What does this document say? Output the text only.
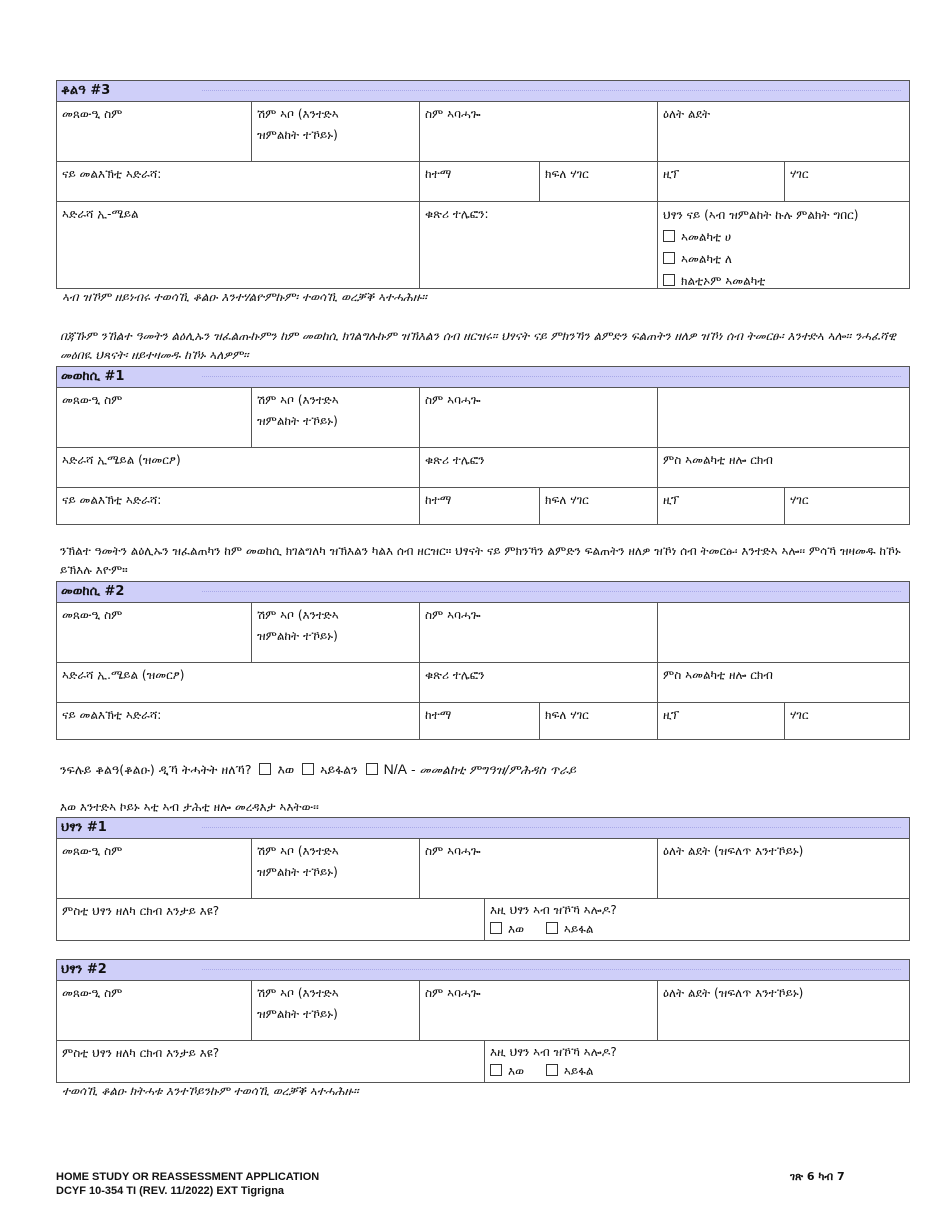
ቆልዓ #3
መጸውዒ ስም	ሽም ኣቦ (እንተድኣ
ዝምልከት ተኾይኑ)
ስም ኣባሓጐ	ዕለት ልደት
ናይ መልእኽቲ ኣድራሻ:	ከተማ	ክፍለ ሃገር	ዚፕ	ሃገር
ኣድራሻ ኢ-ሜይል	ቁጽሪ ተሌፎን:	ህፃን ናይ (ኣብ ዝምልከት ኩሉ ምልክት ግበር)
ኣመልካቲ ሀ
ኣመልካቲ ለ
ክልቲኦም ኣመልካቲ
ኣብ ዝኾም ዘይነብሩ ተወሳኺ ቆልዑ እንተሃልዮምኩም፡ ተወሳኺ ወረቓቕ ኣተሓሕዙ።
በጃኹም ንኸልተ ዓመትን ልዕሊኡን ዝፈልጡኩምን ከም መወከሲ ክገልግሉኩም ዝኽእልን ሰብ ዘርዝሩ። ህፃናት ናይ ምክንኻን ልምድን ፍልጠትን ዘለዎ ዝኾነ ሰብ ትመርፁ፡ እንተድኣ ኣሎ፡፡ ንሓፈሻዊ መዕበዪ ህጻናት፡ ዘይተዛመዱ ከኾኑ ኣለዎም።
መወከሲ #1
መጸውዒ ስም	ሽም ኣቦ (እንተድኣ
ዝምልከት ተኾይኑ)
ስም ኣባሓጐ
ኣድራሻ ኢሜይል (ዝመርፆ)	ቁጽሪ ተሌፎን	ምስ ኣመልካቲ ዘሎ ርክብ
ናይ መልእኽቲ ኣድራሻ:	ከተማ	ክፍለ ሃገር	ዚፕ	ሃገር
ንኽልተ ዓመትን ልዕሊኡን ዝፈልጠካን ከም መወከሲ ክገልግለካ ዝኽእልን ካልእ ሰብ ዘርዝር። ህፃናት ናይ ምክንኻን ልምድን ፍልጠትን ዘለዎ ዝኾነ ሰብ ትመርፁ፡ እንተድኣ ኣሎ፡፡ ምሳኻ ዝዛመዱ ከኾኑ ይኽእሉ እዮም።
መወከሲ #2
መጸውዒ ስም	ሽም ኣቦ (እንተድኣ
ዝምልከት ተኾይኑ)
ስም ኣባሓጐ
ኣድራሻ ኢ.ሜይል (ዝመርፆ)	ቁጽሪ ተሌፎን	ምስ ኣመልካቲ ዘሎ ርክብ
ናይ መልእኽቲ ኣድራሻ:	ከተማ	ክፍለ ሃገር	ዚፕ	ሃገር
ንፍሉይ ቆልዓ(ቆልዑ) ዲኻ ትሓትት ዘለኻ? እወ ኣይፋልን N/A - መመልከቲ ምግዓዝ/ምሕዳስ ጥራይ
እወ እንተድኣ ኮይኑ ኣቲ ኣብ ታሕቲ ዘሎ መረዳእታ ኣእትው፡፡
ህፃን #1
መጸውዒ ስም	ሽም ኣቦ (እንተድኣ
ዝምልከት ተኾይኑ)
ስም ኣባሓጐ	ዕለት ልደት (ዝፍለጥ እንተኾይኑ)
ምስቲ ህፃን ዘለካ ርክብ እንታይ እዩ?	እዚ ህፃን ኣብ ዝኾኻ ኣሎዶ?
እወ	ኣይፋል
ህፃን #2
መጸውዒ ስም	ሽም ኣቦ (እንተድኣ
ዝምልከት ተኾይኑ)
ስም ኣባሓጐ	ዕለት ልደት (ዝፍለጥ እንተኾይኑ)
ምስቲ ህፃን ዘለካ ርክብ እንታይ እዩ?	እዚ ህፃን ኣብ ዝኾኻ ኣሎዶ?
እወ	ኣይፋል
ተወሳኺ ቆልዑ ክትሓቱ እንተኾይንኩም ተወሳኺ ወረቓቕ ኣተሓሕዙ።
HOME STUDY OR REASSESSMENT APPLICATION
DCYF 10-354 TI (REV. 11/2022) EXT Tigrigna
ገጽ 6 ካብ 7
